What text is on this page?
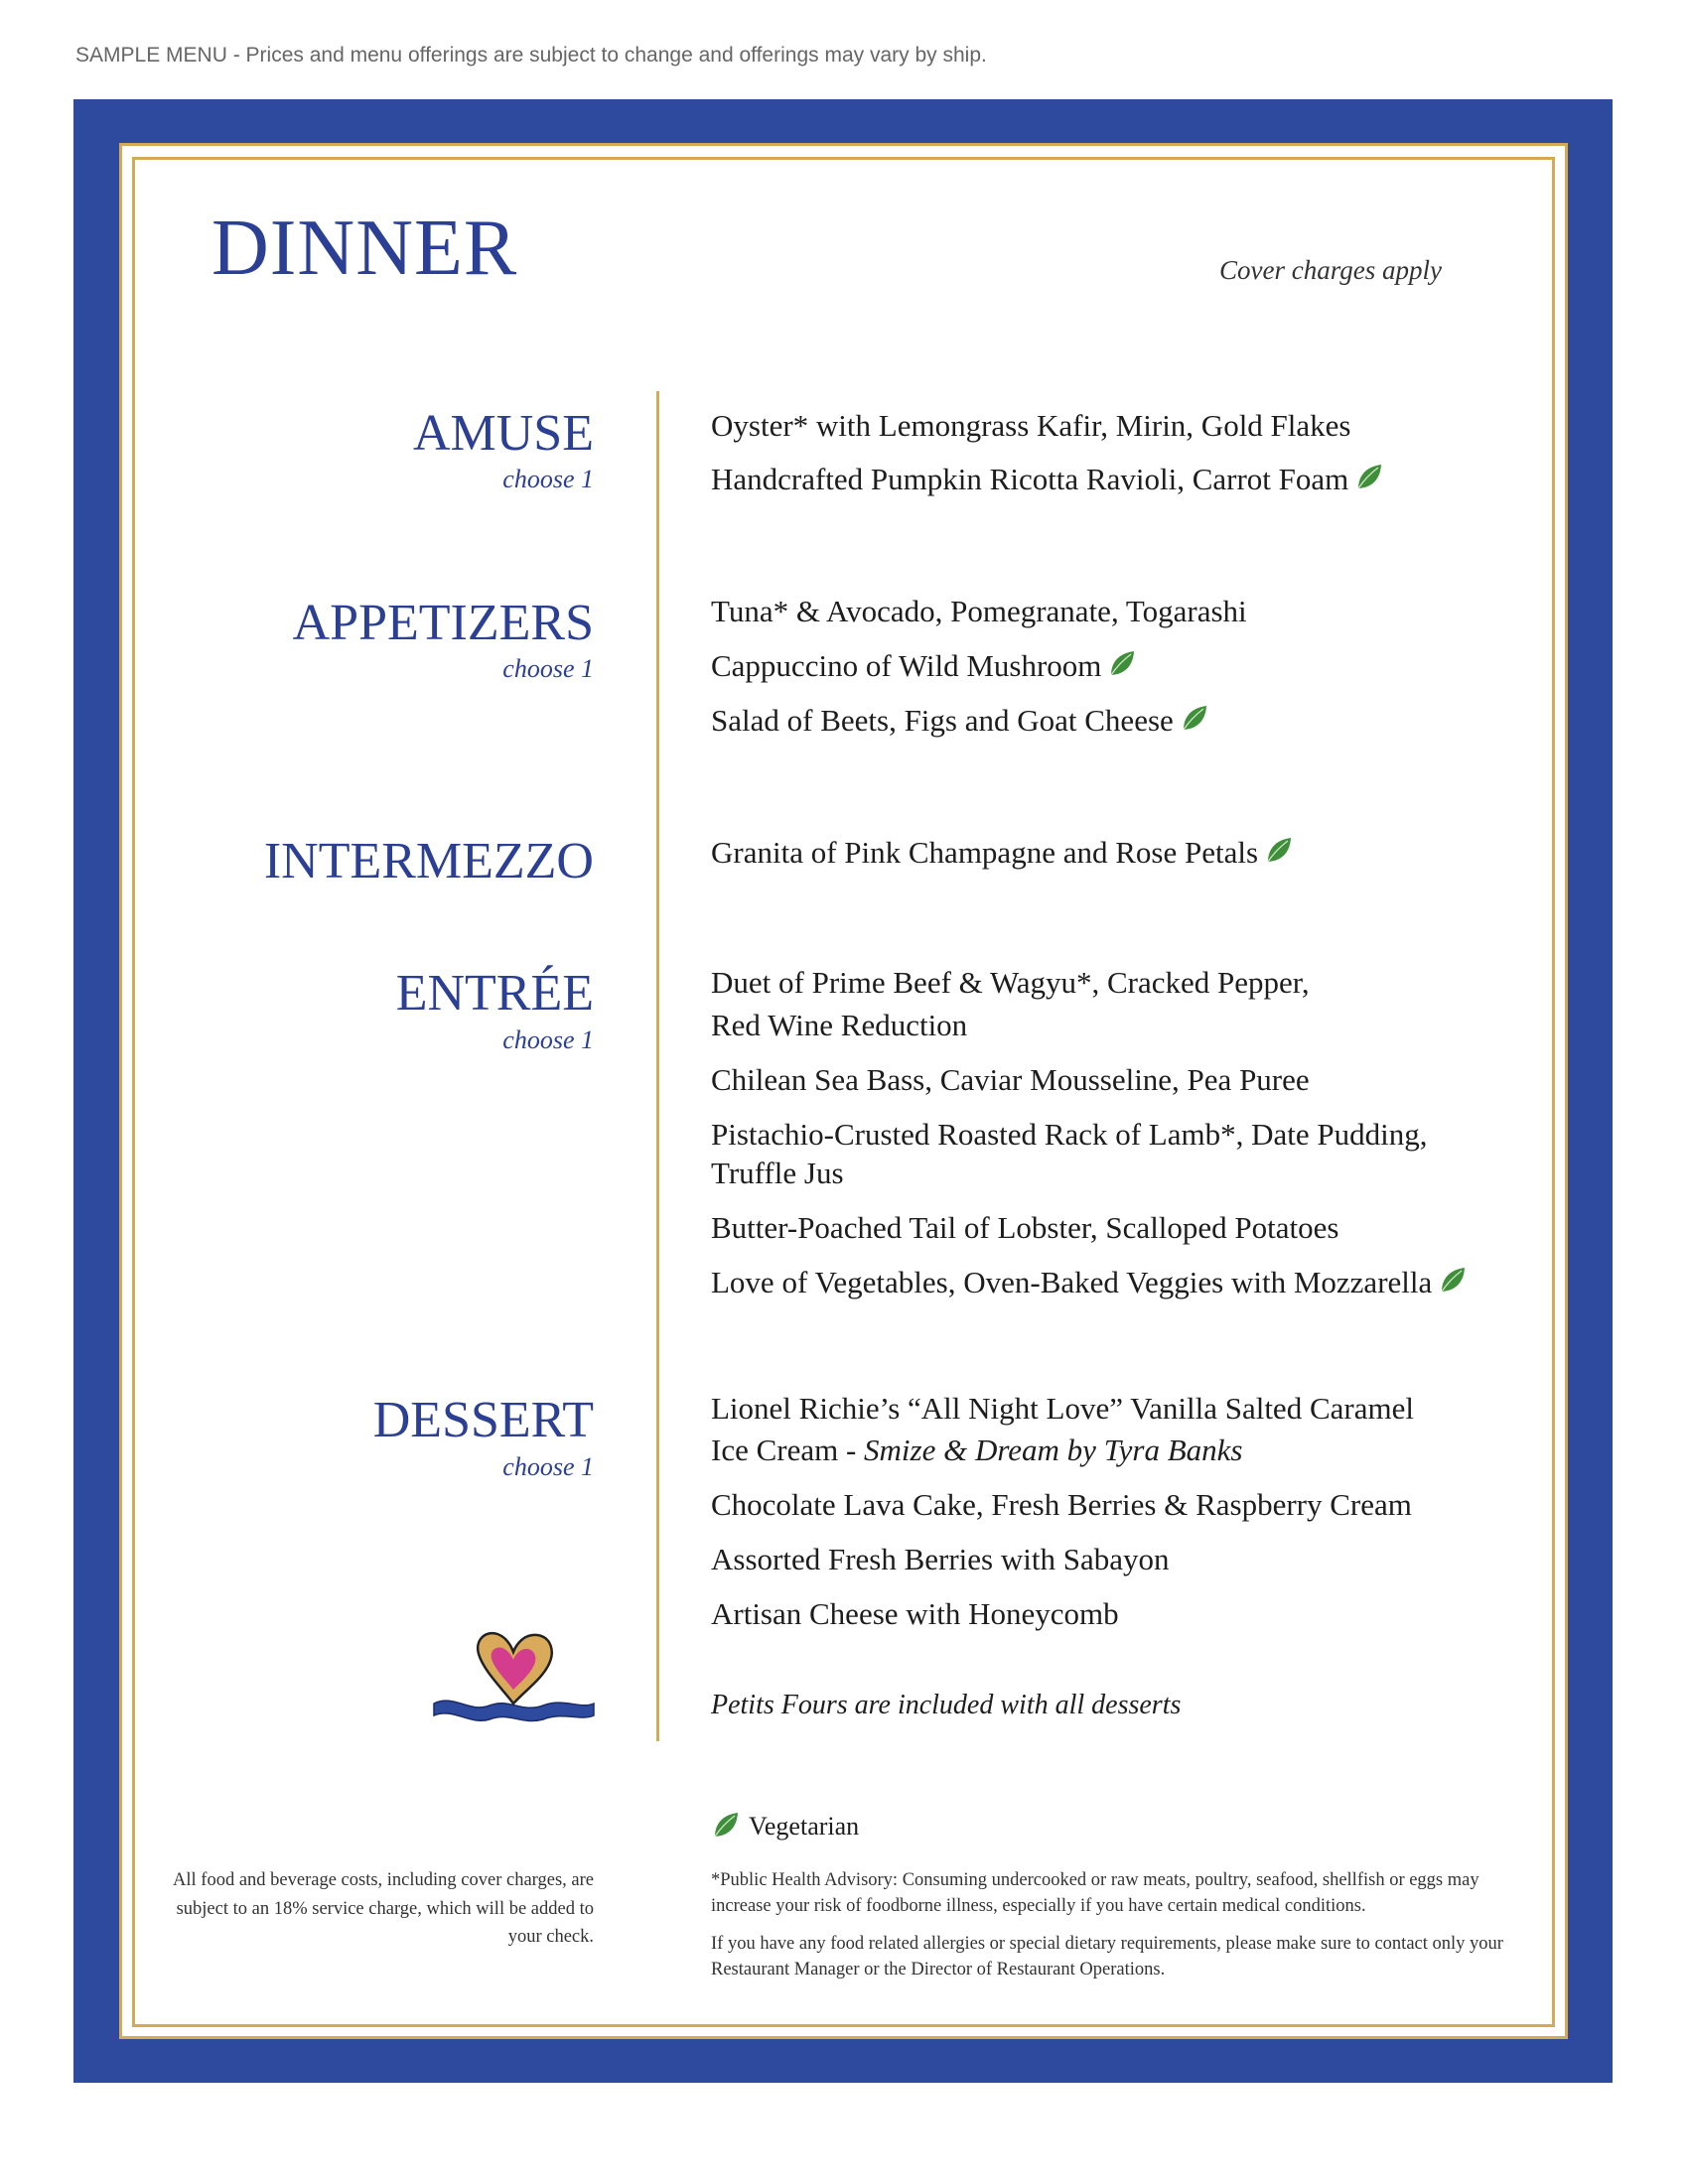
SAMPLE MENU - Prices and menu offerings are subject to change and offerings may vary by ship.
DINNER	Cover charges apply
AMUSE
choose 1
Oyster* with Lemongrass Kafir, Mirin, Gold Flakes
Handcrafted Pumpkin Ricotta Ravioli, Carrot Foam
APPETIZERS
choose 1
Tuna* & Avocado, Pomegranate, Togarashi
Cappuccino of Wild Mushroom
Salad of Beets, Figs and Goat Cheese
INTERMEZZO	Granita of Pink Champagne and Rose Petals
ENTRÉE
choose 1
Duet of Prime Beef & Wagyu*, Cracked Pepper,
Red Wine Reduction
Chilean Sea Bass, Caviar Mousseline, Pea Puree
Pistachio-Crusted Roasted Rack of Lamb*, Date Pudding,
Truffle Jus
Butter-Poached Tail of Lobster, Scalloped Potatoes
Love of Vegetables, Oven-Baked Veggies with Mozzarella
DESSERT
choose 1
Lionel Richie’s “All Night Love” Vanilla Salted Caramel
Ice Cream - Smize & Dream by Tyra Banks
Chocolate Lava Cake, Fresh Berries & Raspberry Cream
Assorted Fresh Berries with Sabayon
Artisan Cheese with Honeycomb
Petits Fours are included with all desserts
Vegetarian
*Public Health Advisory: Consuming undercooked or raw meats, poultry, seafood, shellfish or eggs may increase your risk of foodborne illness, especially if you have certain medical conditions.
If you have any food related allergies or special dietary requirements, please make sure to contact only your Restaurant Manager or the Director of Restaurant Operations.
All food and beverage costs, including cover charges, are subject to an 18% service charge, which will be added to your check.
